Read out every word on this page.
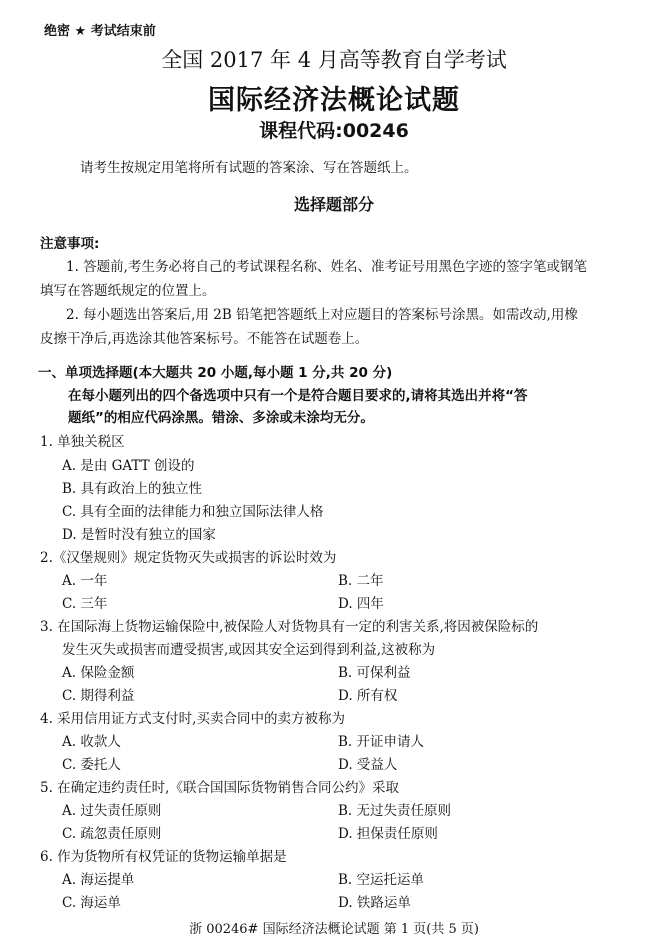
绝密 ★ 考试结束前
全国 2017 年 4 月高等教育自学考试
国际经济法概论试题
课程代码:00246
请考生按规定用笔将所有试题的答案涂、写在答题纸上。
选择题部分
注意事项:
1. 答题前,考生务必将自己的考试课程名称、姓名、准考证号用黑色字迹的签字笔或钢笔
填写在答题纸规定的位置上。
2. 每小题选出答案后,用 2B 铅笔把答题纸上对应题目的答案标号涂黑。如需改动,用橡
皮擦干净后,再选涂其他答案标号。不能答在试题卷上。
一、单项选择题(本大题共 20 小题,每小题 1 分,共 20 分)
在每小题列出的四个备选项中只有一个是符合题目要求的,请将其选出并将“答
题纸”的相应代码涂黑。错涂、多涂或未涂均无分。
1. 单独关税区
A. 是由 GATT 创设的
B. 具有政治上的独立性
C. 具有全面的法律能力和独立国际法律人格
D. 是暂时没有独立的国家
2.《汉堡规则》规定货物灭失或损害的诉讼时效为
A. 一年	B. 二年
C. 三年	D. 四年
3. 在国际海上货物运输保险中,被保险人对货物具有一定的利害关系,将因被保险标的
发生灭失或损害而遭受损害,或因其安全运到得到利益,这被称为
A. 保险金额	B. 可保利益
C. 期得利益	D. 所有权
4. 采用信用证方式支付时,买卖合同中的卖方被称为
A. 收款人	B. 开证申请人
C. 委托人	D. 受益人
5. 在确定违约责任时,《联合国国际货物销售合同公约》采取
A. 过失责任原则	B. 无过失责任原则
C. 疏忽责任原则	D. 担保责任原则
6. 作为货物所有权凭证的货物运输单据是
A. 海运提单	B. 空运托运单
C. 海运单	D. 铁路运单
浙 00246# 国际经济法概论试题 第 1 页(共 5 页)
